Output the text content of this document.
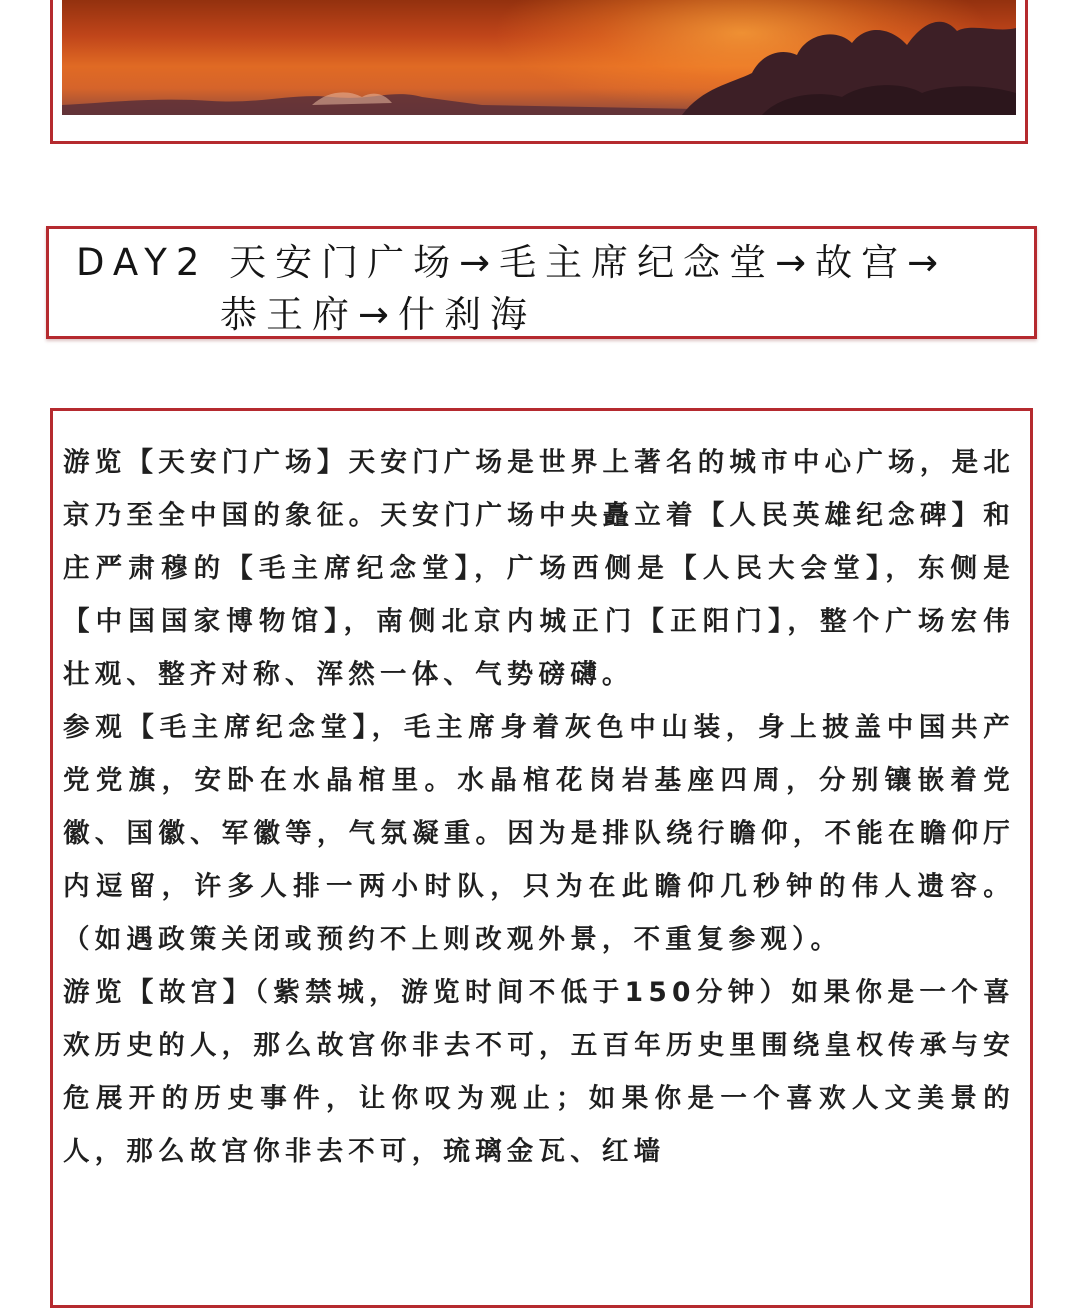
DAY2 天安门广场→毛主席纪念堂→故宫→
恭王府→什刹海

游览【天安门广场】天安门广场是世界上著名的城市中心广场，是北京乃至全中国的象征。天安门广场中央矗立着【人民英雄纪念碑】和庄严肃穆的【毛主席纪念堂】，广场西侧是【人民大会堂】，东侧是【中国国家博物馆】，南侧北京内城正门【正阳门】，整个广场宏伟壮观、整齐对称、浑然一体、气势磅礴。

参观【毛主席纪念堂】，毛主席身着灰色中山装，身上披盖中国共产党党旗，安卧在水晶棺里。水晶棺花岗岩基座四周，分别镶嵌着党徽、国徽、军徽等，气氛凝重。因为是排队绕行瞻仰，不能在瞻仰厅内逗留，许多人排一两小时队，只为在此瞻仰几秒钟的伟人遗容。（如遇政策关闭或预约不上则改观外景，不重复参观）。

游览【故宫】（紫禁城，游览时间不低于150分钟）如果你是一个喜欢历史的人，那么故宫你非去不可，五百年历史里围绕皇权传承与安危展开的历史事件，让你叹为观止；如果你是一个喜欢人文美景的人，那么故宫你非去不可，琉璃金瓦、红墙
